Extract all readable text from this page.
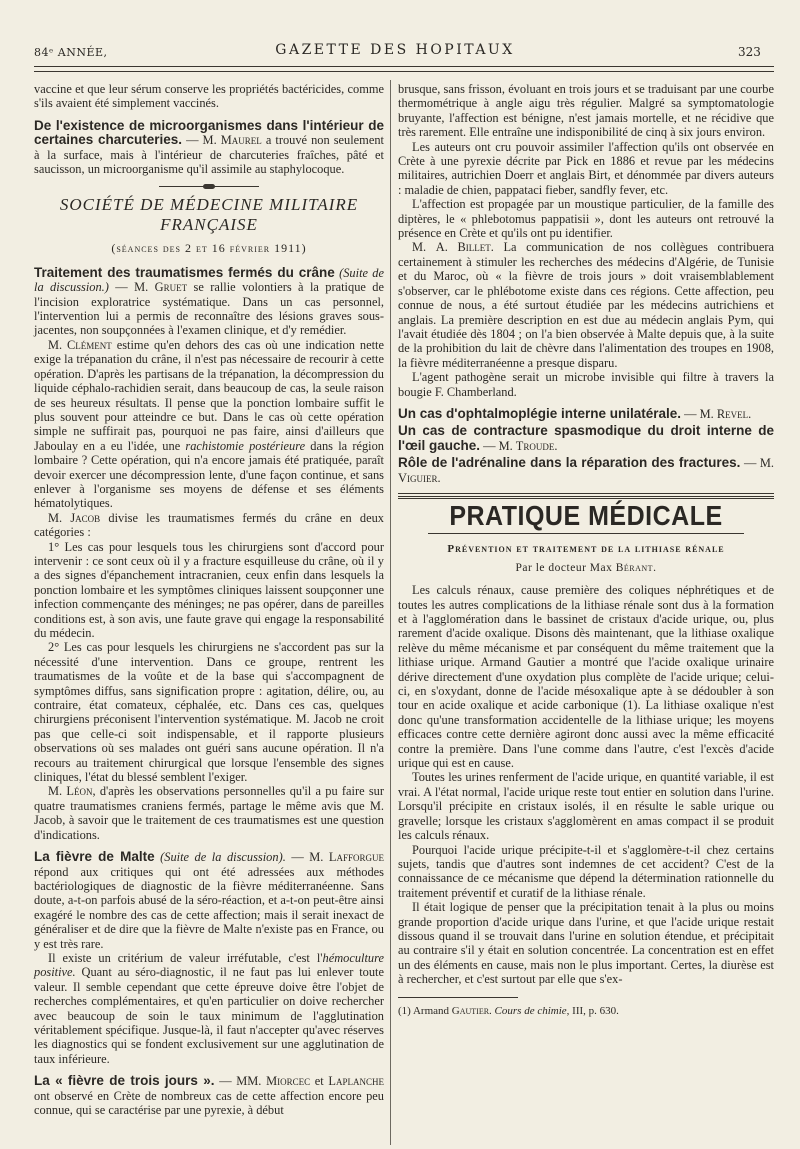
84ᵉ ANNÉE,	GAZETTE DES HOPITAUX	323

vaccine et que leur sérum conserve les propriétés bactéricides, comme s'ils avaient été simplement vaccinés.

De l'existence de microorganismes dans l'intérieur de certaines charcuteries. — M. Maurel a trouvé non seulement à la surface, mais à l'intérieur de charcuteries fraîches, pâté et saucisson, un microorganisme qu'il assimile au staphylocoque.

SOCIÉTÉ DE MÉDECINE MILITAIRE FRANÇAISE
(séances des 2 et 16 février 1911)

Traitement des traumatismes fermés du crâne (Suite de la discussion.) — M. Gruet se rallie volontiers à la pratique de l'incision exploratrice systématique. Dans un cas personnel, l'intervention lui a permis de reconnaître des lésions graves sous-jacentes, non soupçonnées à l'examen clinique, et d'y remédier.

M. Clément estime qu'en dehors des cas où une indication nette exige la trépanation du crâne, il n'est pas nécessaire de recourir à cette opération. D'après les partisans de la trépanation, la décompression du liquide céphalo-rachidien serait, dans beaucoup de cas, la seule raison de ses heureux résultats. Il pense que la ponction lombaire suffit le plus souvent pour atteindre ce but. Dans le cas où cette opération simple ne suffirait pas, pourquoi ne pas faire, ainsi d'ailleurs que Jaboulay en a eu l'idée, une rachistomie postérieure dans la région lombaire ? Cette opération, qui n'a encore jamais été pratiquée, paraît devoir exercer une décompression lente, d'une façon continue, et sans enlever à l'organisme ses moyens de défense et ses éléments hématolytiques.

M. Jacob divise les traumatismes fermés du crâne en deux catégories :

1° Les cas pour lesquels tous les chirurgiens sont d'accord pour intervenir : ce sont ceux où il y a fracture esquilleuse du crâne, où il y a des signes d'épanchement intracranien, ceux enfin dans lesquels la ponction lombaire et les symptômes cliniques laissent soupçonner une infection commençante des méninges; ne pas opérer, dans de pareilles conditions est, à son avis, une faute grave qui engage la responsabilité du médecin.

2° Les cas pour lesquels les chirurgiens ne s'accordent pas sur la nécessité d'une intervention. Dans ce groupe, rentrent les traumatismes de la voûte et de la base qui s'accompagnent de symptômes diffus, sans signification propre : agitation, délire, ou, au contraire, état comateux, céphalée, etc. Dans ces cas, quelques chirurgiens préconisent l'intervention systématique. M. Jacob ne croit pas que celle-ci soit indispensable, et il rapporte plusieurs observations où ses malades ont guéri sans aucune opération. Il n'a recours au traitement chirurgical que lorsque l'ensemble des signes cliniques, l'état du blessé semblent l'exiger.

M. Léon, d'après les observations personnelles qu'il a pu faire sur quatre traumatismes craniens fermés, partage le même avis que M. Jacob, à savoir que le traitement de ces traumatismes est une question d'indications.

La fièvre de Malte (Suite de la discussion). — M. Lafforgue répond aux critiques qui ont été adressées aux méthodes bactériologiques de diagnostic de la fièvre méditerranéenne. Sans doute, a-t-on parfois abusé de la séro-réaction, et a-t-on peut-être ainsi exagéré le nombre des cas de cette affection; mais il serait inexact de généraliser et de dire que la fièvre de Malte n'existe pas en France, ou y est très rare.

Il existe un critérium de valeur irréfutable, c'est l'hémoculture positive. Quant au séro-diagnostic, il ne faut pas lui enlever toute valeur. Il semble cependant que cette épreuve doive être l'objet de recherches complémentaires, et qu'en particulier on doive rechercher avec beaucoup de soin le taux minimum de l'agglutination véritablement spécifique. Jusque-là, il faut n'accepter qu'avec réserves les diagnostics qui se fondent exclusivement sur une agglutination de taux inférieure.

La « fièvre de trois jours ». — MM. Miorcec et Laplanche ont observé en Crète de nombreux cas de cette affection encore peu connue, qui se caractérise par une pyrexie, à début

brusque, sans frisson, évoluant en trois jours et se traduisant par une courbe thermométrique à angle aigu très régulier. Malgré sa symptomatologie bruyante, l'affection est bénigne, n'est jamais mortelle, et ne récidive que très rarement. Elle entraîne une indisponibilité de cinq à six jours environ.

Les auteurs ont cru pouvoir assimiler l'affection qu'ils ont observée en Crète à une pyrexie décrite par Pick en 1886 et revue par les médecins militaires, autrichien Doerr et anglais Birt, et dénommée par divers auteurs : maladie de chien, pappataci fieber, sandfly fever, etc.

L'affection est propagée par un moustique particulier, de la famille des diptères, le « phlebotomus pappatisii », dont les auteurs ont retrouvé la présence en Crète et qu'ils ont pu identifier.

M. A. Billet. La communication de nos collègues contribuera certainement à stimuler les recherches des médecins d'Algérie, de Tunisie et du Maroc, où « la fièvre de trois jours » doit vraisemblablement s'observer, car le phlébotome existe dans ces régions. Cette affection, peu connue de nous, a été surtout étudiée par les médecins autrichiens et anglais. La première description en est due au médecin anglais Pym, qui l'avait étudiée dès 1804 ; on l'a bien observée à Malte depuis que, à la suite de la prohibition du lait de chèvre dans l'alimentation des troupes en 1908, la fièvre méditerranéenne a presque disparu.

L'agent pathogène serait un microbe invisible qui filtre à travers la bougie F. Chamberland.

Un cas d'ophtalmoplégie interne unilatérale. — M. Revel.

Un cas de contracture spasmodique du droit interne de l'œil gauche. — M. Troude.

Rôle de l'adrénaline dans la réparation des fractures. — M. Viguier.

PRATIQUE MÉDICALE
Prévention et traitement de la lithiase rénale
Par le docteur Max Bérant.

Les calculs rénaux, cause première des coliques néphrétiques et de toutes les autres complications de la lithiase rénale sont dus à la formation et à l'agglomération dans le bassinet de cristaux d'acide urique, ou, plus rarement d'acide oxalique. Disons dès maintenant, que la lithiase oxalique relève du même mécanisme et par conséquent du même traitement que la lithiase urique. Armand Gautier a montré que l'acide oxalique urinaire dérive directement d'une oxydation plus complète de l'acide urique; celui-ci, en s'oxydant, donne de l'acide mésoxalique apte à se dédoubler à son tour en acide oxalique et acide carbonique (1). La lithiase oxalique n'est donc qu'une transformation accidentelle de la lithiase urique; les moyens efficaces contre cette dernière agiront donc aussi avec la même efficacité contre la première. Dans l'une comme dans l'autre, c'est l'excès d'acide urique qui est en cause.

Toutes les urines renferment de l'acide urique, en quantité variable, il est vrai. A l'état normal, l'acide urique reste tout entier en solution dans l'urine. Lorsqu'il précipite en cristaux isolés, il en résulte le sable urique ou gravelle; lorsque les cristaux s'agglomèrent en amas compact il se produit les calculs rénaux.

Pourquoi l'acide urique précipite-t-il et s'agglomère-t-il chez certains sujets, tandis que d'autres sont indemnes de cet accident? C'est de la connaissance de ce mécanisme que dépend la détermination rationnelle du traitement préventif et curatif de la lithiase rénale.

Il était logique de penser que la précipitation tenait à la plus ou moins grande proportion d'acide urique dans l'urine, et que l'acide urique restait dissous quand il se trouvait dans l'urine en solution étendue, et précipitait au contraire s'il y était en solution concentrée. La concentration est en effet un des éléments en cause, mais non le plus important. Certes, la diurèse est à rechercher, et c'est surtout par elle que s'ex-

(1) Armand Gautier. Cours de chimie, III, p. 630.
